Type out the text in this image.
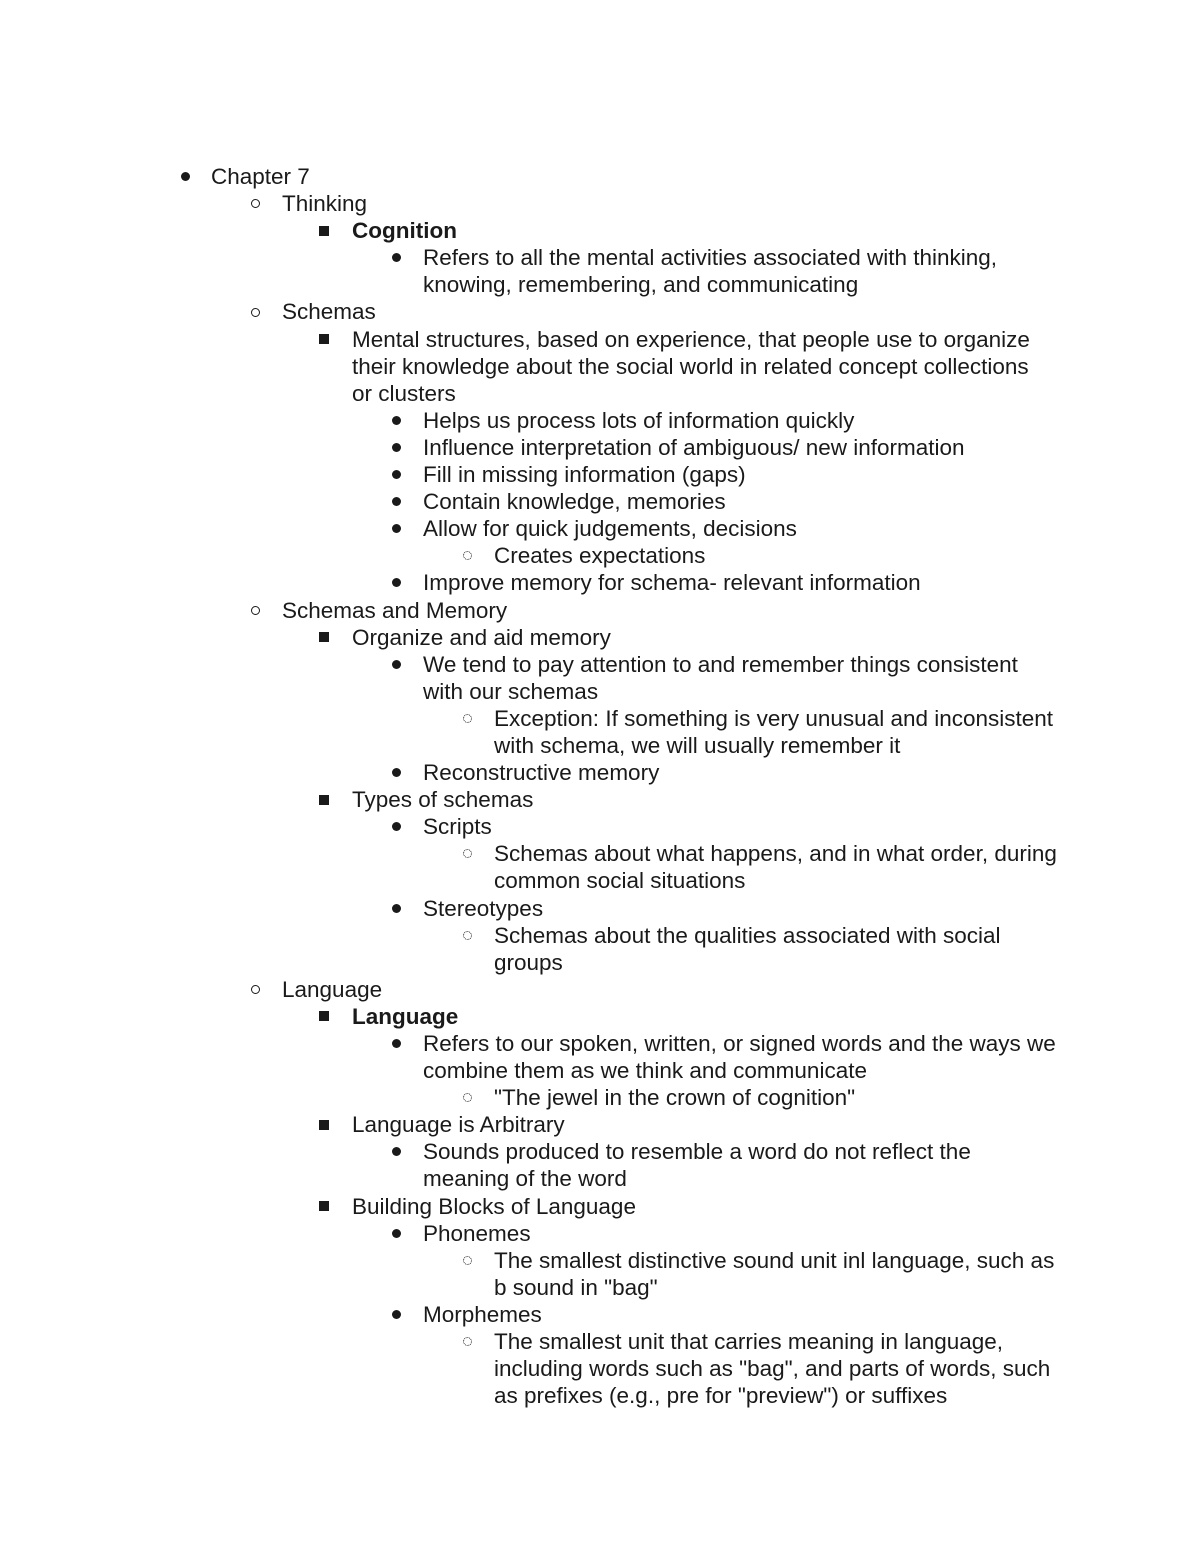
Chapter 7
Thinking
Cognition
Refers to all the mental activities associated with thinking, knowing, remembering, and communicating
Schemas
Mental structures, based on experience, that people use to organize their knowledge about the social world in related concept collections or clusters
Helps us process lots of information quickly
Influence interpretation of ambiguous/ new information
Fill in missing information (gaps)
Contain knowledge, memories
Allow for quick judgements, decisions
Creates expectations
Improve memory for schema- relevant information
Schemas and Memory
Organize and aid memory
We tend to pay attention to and remember things consistent with our schemas
Exception: If something is very unusual and inconsistent with schema, we will usually remember it
Reconstructive memory
Types of schemas
Scripts
Schemas about what happens, and in what order, during common social situations
Stereotypes
Schemas about the qualities associated with social groups
Language
Language
Refers to our spoken, written, or signed words and the ways we combine them as we think and communicate
"The jewel in the crown of cognition"
Language is Arbitrary
Sounds produced to resemble a word do not reflect the meaning of the word
Building Blocks of Language
Phonemes
The smallest distinctive sound unit inl language, such as b sound in "bag"
Morphemes
The smallest unit that carries meaning in language, including words such as "bag", and parts of words, such as prefixes (e.g., pre for "preview") or suffixes
